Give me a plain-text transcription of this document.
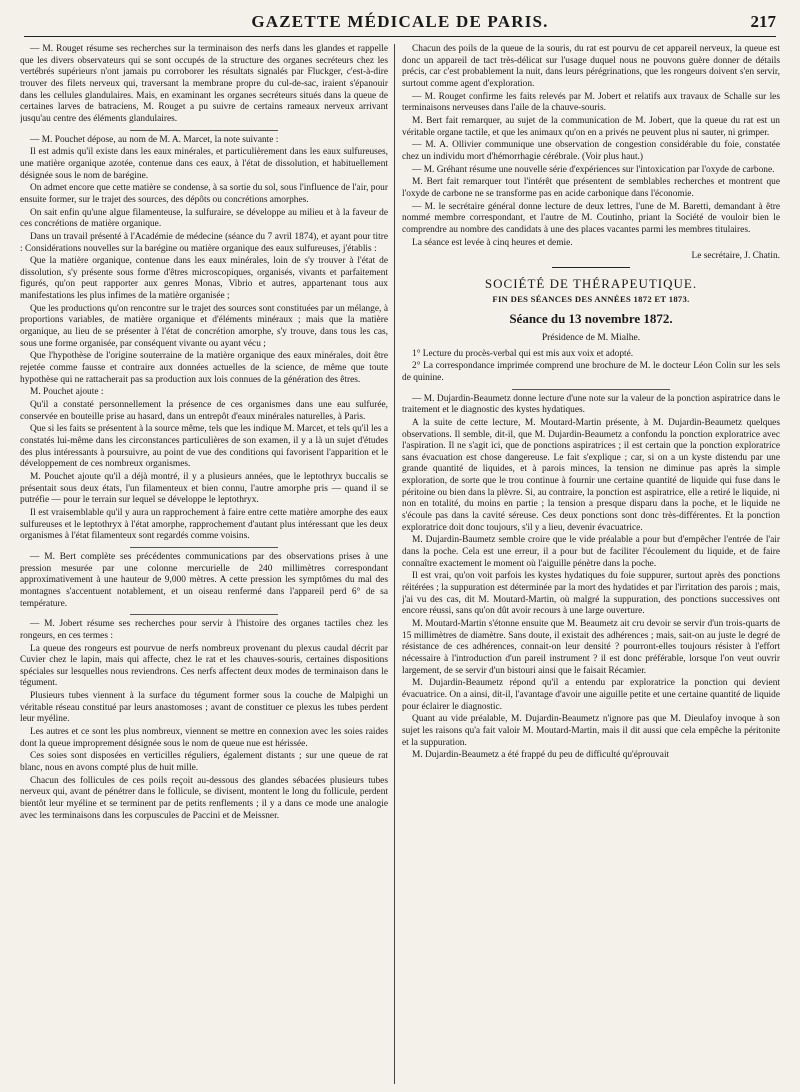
GAZETTE MÉDICALE DE PARIS.	217

— M. Rouget résume ses recherches sur la terminaison des nerfs dans les glandes et rappelle que les divers observateurs qui se sont occupés de la structure des organes secréteurs chez les vertébrés supérieurs n'ont jamais pu corroborer les résultats signalés par Fluckger, c'est-à-dire trouver des filets nerveux qui, traversant la membrane propre du cul-de-sac, iraient s'épanouir dans les cellules glandulaires. Mais, en examinant les organes secréteurs situés dans la queue de certaines larves de batraciens, M. Rouget a pu suivre de certains rameaux nerveux arrivant jusqu'au centre des éléments glandulaires.

— M. Pouchet dépose, au nom de M. A. Marcet, la note suivante :

Il est admis qu'il existe dans les eaux minérales, et particulièrement dans les eaux sulfureuses, une matière organique azotée, contenue dans ces eaux, à l'état de dissolution, et habituellement désignée sous le nom de barégine.

On admet encore que cette matière se condense, à sa sortie du sol, sous l'influence de l'air, pour ensuite former, sur le trajet des sources, des dépôts ou concrétions amorphes.

On sait enfin qu'une algue filamenteuse, la sulfuraire, se développe au milieu et à la faveur de ces concrétions de matière organique.

Dans un travail présenté à l'Académie de médecine (séance du 7 avril 1874), et ayant pour titre : Considérations nouvelles sur la barégine ou matière organique des eaux sulfureuses, j'établis :

Que la matière organique, contenue dans les eaux minérales, loin de s'y trouver à l'état de dissolution, s'y présente sous forme d'êtres microscopiques, organisés, vivants et parfaitement figurés, qu'on peut rapporter aux genres Monas, Vibrio et autres, appartenant tous aux manifestations les plus infimes de la matière organisée ;

Que les productions qu'on rencontre sur le trajet des sources sont constituées par un mélange, à proportions variables, de matière organique et d'éléments minéraux ; mais que la matière organique, au lieu de se présenter à l'état de concrétion amorphe, s'y trouve, dans tous les cas, sous une forme organisée, par conséquent vivante ou ayant vécu ;

Que l'hypothèse de l'origine souterraine de la matière organique des eaux minérales, doit être rejetée comme fausse et contraire aux données actuelles de la science, de même que toute hypothèse qui ne rattacherait pas sa production aux lois connues de la génération des êtres.

M. Pouchet ajoute :

Qu'il a constaté personnellement la présence de ces organismes dans une eau sulfurée, conservée en bouteille prise au hasard, dans un entrepôt d'eaux minérales naturelles, à Paris.

Que si les faits se présentent à la source même, tels que les indique M. Marcet, et tels qu'il les a constatés lui-même dans les circonstances particulières de son examen, il y a là un sujet d'études des plus intéressants à poursuivre, au point de vue des conditions qui favorisent l'apparition et le développement de ces nombreux organismes.

M. Pouchet ajoute qu'il a déjà montré, il y a plusieurs années, que le leptothryx buccalis se présentait sous deux états, l'un filamenteux et bien connu, l'autre amorphe pris — quand il se putréfie — pour le terrain sur lequel se développe le leptothryx.

Il est vraisemblable qu'il y aura un rapprochement à faire entre cette matière amorphe des eaux sulfureuses et le leptothryx à l'état amorphe, rapprochement d'autant plus intéressant que les deux organismes à l'état filamenteux sont regardés comme voisins.

— M. Bert complète ses précédentes communications par des observations prises à une pression mesurée par une colonne mercurielle de 240 millimètres correspondant approximativement à une hauteur de 9,000 mètres. A cette pression les symptômes du mal des montagnes s'accentuent notablement, et un oiseau renfermé dans l'appareil perd 6° de sa température.

— M. Jobert résume ses recherches pour servir à l'histoire des organes tactiles chez les rongeurs, en ces termes :

La queue des rongeurs est pourvue de nerfs nombreux provenant du plexus caudal décrit par Cuvier chez le lapin, mais qui affecte, chez le rat et les chauves-souris, certaines dispositions spéciales sur lesquelles nous reviendrons. Ces nerfs affectent deux modes de terminaison dans le tégument.

Plusieurs tubes viennent à la surface du tégument former sous la couche de Malpighi un véritable réseau constitué par leurs anastomoses ; avant de constituer ce plexus les tubes perdent leur myéline.

Les autres et ce sont les plus nombreux, viennent se mettre en connexion avec les soies raides dont la queue improprement désignée sous le nom de queue nue est hérissée.

Ces soies sont disposées en verticilles réguliers, également distants ; sur une queue de rat blanc, nous en avons compté plus de huit mille.

Chacun des follicules de ces poils reçoit au-dessous des glandes sébacées plusieurs tubes nerveux qui, avant de pénétrer dans le follicule, se divisent, montent le long du follicule, perdent bientôt leur myéline et se terminent par de petits renflements ; il y a dans ce mode une analogie avec les terminaisons dans les corpuscules de Paccini et de Meissner.

Chacun des poils de la queue de la souris, du rat est pourvu de cet appareil nerveux, la queue est donc un appareil de tact très-délicat sur l'usage duquel nous ne pouvons guère donner de détails précis, car c'est probablement la nuit, dans leurs pérégrinations, que les rongeurs doivent s'en servir, surtout comme agent d'exploration.

— M. Rouget confirme les faits relevés par M. Jobert et relatifs aux travaux de Schalle sur les terminaisons nerveuses dans l'aile de la chauve-souris.

M. Bert fait remarquer, au sujet de la communication de M. Jobert, que la queue du rat est un véritable organe tactile, et que les animaux qu'on en a privés ne peuvent plus ni sauter, ni grimper.

— M. A. Ollivier communique une observation de congestion considérable du foie, constatée chez un individu mort d'hémorrhagie cérébrale. (Voir plus haut.)

— M. Gréhant résume une nouvelle série d'expériences sur l'intoxication par l'oxyde de carbone.

M. Bert fait remarquer tout l'intérêt que présentent de semblables recherches et montrent que l'oxyde de carbone ne se transforme pas en acide carbonique dans l'économie.

— M. le secrétaire général donne lecture de deux lettres, l'une de M. Baretti, demandant à être nommé membre correspondant, et l'autre de M. Coutinho, priant la Société de vouloir bien le comprendre au nombre des candidats à une des places vacantes parmi les membres titulaires.

La séance est levée à cinq heures et demie.

Le secrétaire, J. Chatin.

SOCIÉTÉ DE THÉRAPEUTIQUE.
FIN DES SÉANCES DES ANNÉES 1872 ET 1873.
Séance du 13 novembre 1872.

Présidence de M. Mialhe.

1° Lecture du procès-verbal qui est mis aux voix et adopté.

2° La correspondance imprimée comprend une brochure de M. le docteur Léon Colin sur les sels de quinine.

— M. Dujardin-Beaumetz donne lecture d'une note sur la valeur de la ponction aspiratrice dans le traitement et le diagnostic des kystes hydatiques.

A la suite de cette lecture, M. Moutard-Martin présente, à M. Dujardin-Beaumetz quelques observations. Il semble, dit-il, que M. Dujardin-Beaumetz a confondu la ponction exploratrice avec l'aspiration. Il ne s'agit ici, que de ponctions aspiratrices ; il est certain que la ponction exploratrice sans évacuation est chose dangereuse. Le fait s'explique ; car, si on a un kyste distendu par une grande quantité de liquides, et à parois minces, la tension ne diminue pas après la simple exploration, de sorte que le trou continue à fournir une certaine quantité de liquide qui fuse dans le péritoine ou bien dans la plèvre. Si, au contraire, la ponction est aspiratrice, elle a retiré le liquide, ni non en totalité, du moins en partie ; la tension a presque disparu dans la poche, et le liquide ne s'écoule pas dans la cavité séreuse. Ces deux ponctions sont donc très-différentes. Et la ponction exploratrice doit donc toujours, s'il y a lieu, devenir évacuatrice.

M. Dujardin-Baumetz semble croire que le vide préalable a pour but d'empêcher l'entrée de l'air dans la poche. Cela est une erreur, il a pour but de faciliter l'écoulement du liquide, et de faire connaître exactement le moment où l'aiguille pénètre dans la poche.

Il est vrai, qu'on voit parfois les kystes hydatiques du foie suppurer, surtout après des ponctions réitérées ; la suppuration est déterminée par la mort des hydatides et par l'irritation des parois ; mais, j'ai vu des cas, dit M. Moutard-Martin, où malgré la suppuration, des ponctions successives ont encore réussi, sans qu'on dût avoir recours à une large ouverture.

M. Moutard-Martin s'étonne ensuite que M. Beaumetz ait cru devoir se servir d'un trois-quarts de 15 millimètres de diamètre. Sans doute, il existait des adhérences ; mais, sait-on au juste le degré de résistance de ces adhérences, connait-on leur densité ? pourront-elles toujours résister à l'effort nécessaire à l'introduction d'un pareil instrument ? il est donc préférable, lorsque l'on veut ouvrir largement, de se servir d'un bistouri ainsi que le faisait Récamier.

M. Dujardin-Beaumetz répond qu'il a entendu par exploratrice la ponction qui devient évacuatrice. On a ainsi, dit-il, l'avantage d'avoir une aiguille petite et une certaine quantité de liquide pour éclairer le diagnostic.

Quant au vide préalable, M. Dujardin-Beaumetz n'ignore pas que M. Dieulafoy invoque à son sujet les raisons qu'a fait valoir M. Moutard-Martin, mais il dit aussi que cela empêche la péritonite et la suppuration.

M. Dujardin-Beaumetz a été frappé du peu de difficulté qu'éprouvait
